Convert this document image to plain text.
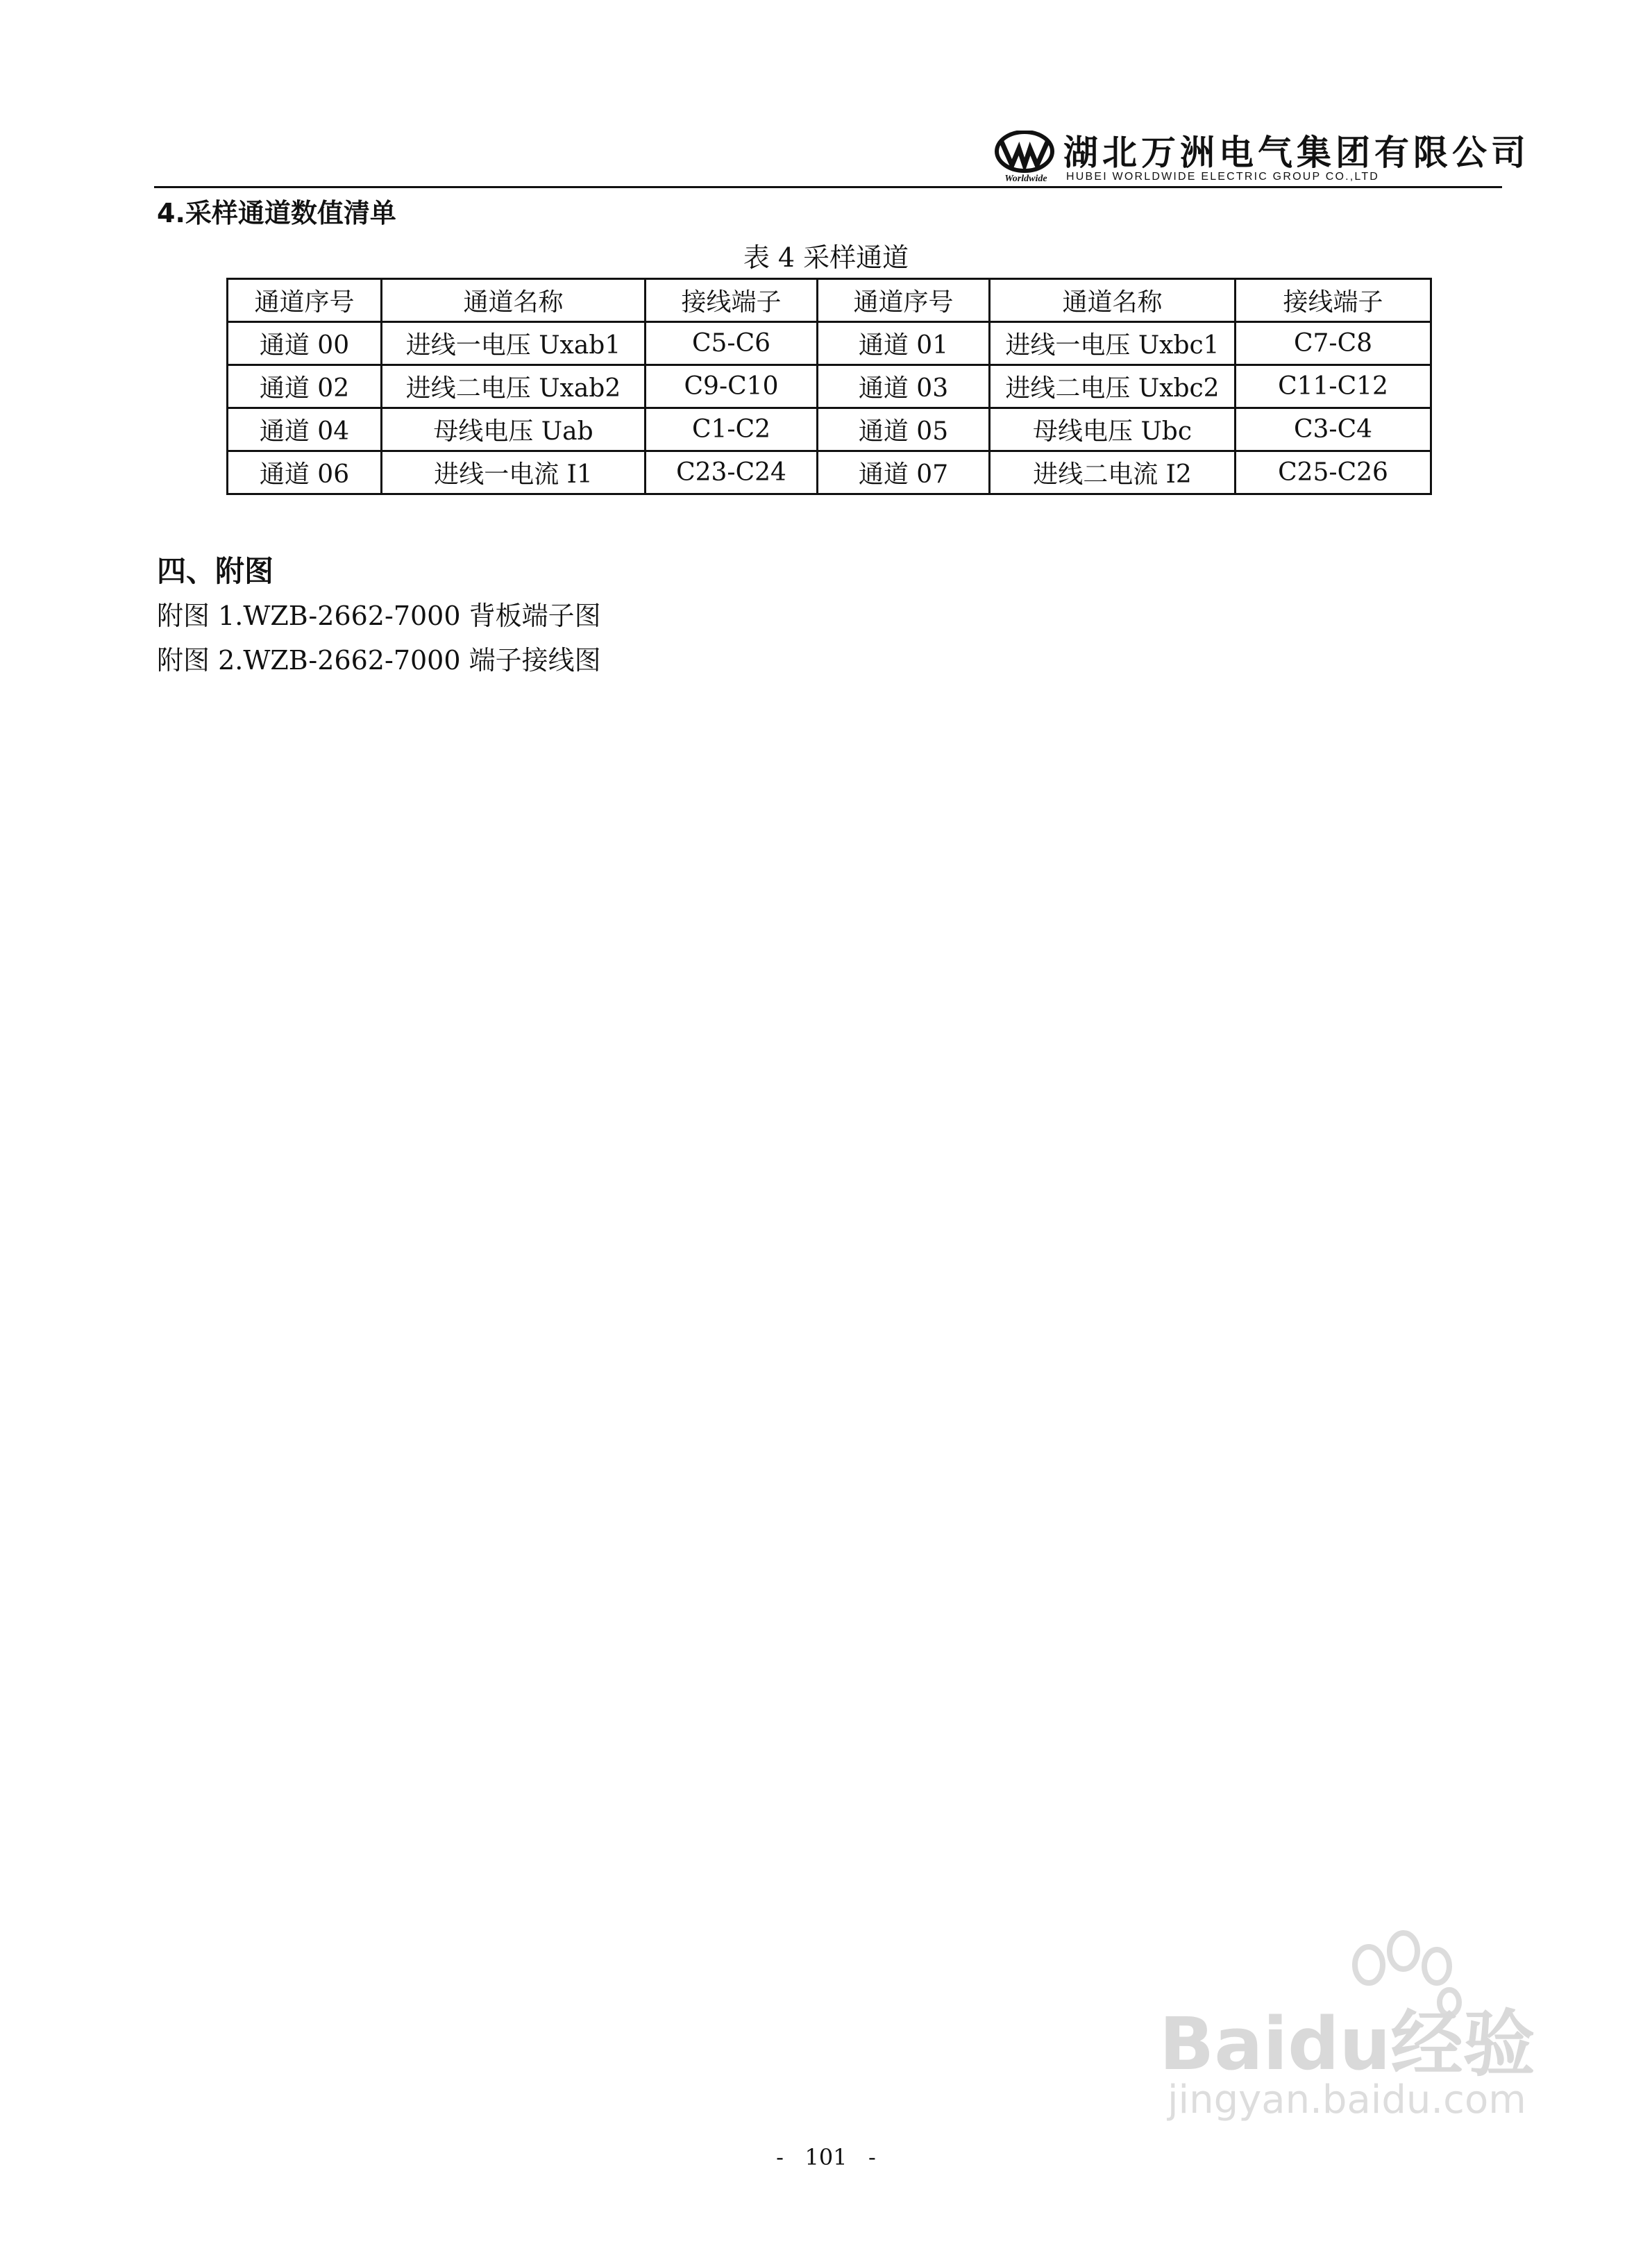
Worldwide
湖北万洲电气集团有限公司
HUBEI WORLDWIDE ELECTRIC GROUP CO.,LTD
4.采样通道数值清单
表 4 采样通道
通道序号	通道名称	接线端子	通道序号	通道名称	接线端子
通道 00	进线一电压 Uxab1	C5-C6	通道 01	进线一电压 Uxbc1	C7-C8
通道 02	进线二电压 Uxab2	C9-C10	通道 03	进线二电压 Uxbc2	C11-C12
通道 04	母线电压 Uab	C1-C2	通道 05	母线电压 Ubc	C3-C4
通道 06	进线一电流 I1	C23-C24	通道 07	进线二电流 I2	C25-C26
四、附图
附图 1.WZB-2662-7000 背板端子图
附图 2.WZB-2662-7000 端子接线图
Baidu经验
jingyan.baidu.com
-   101   -
